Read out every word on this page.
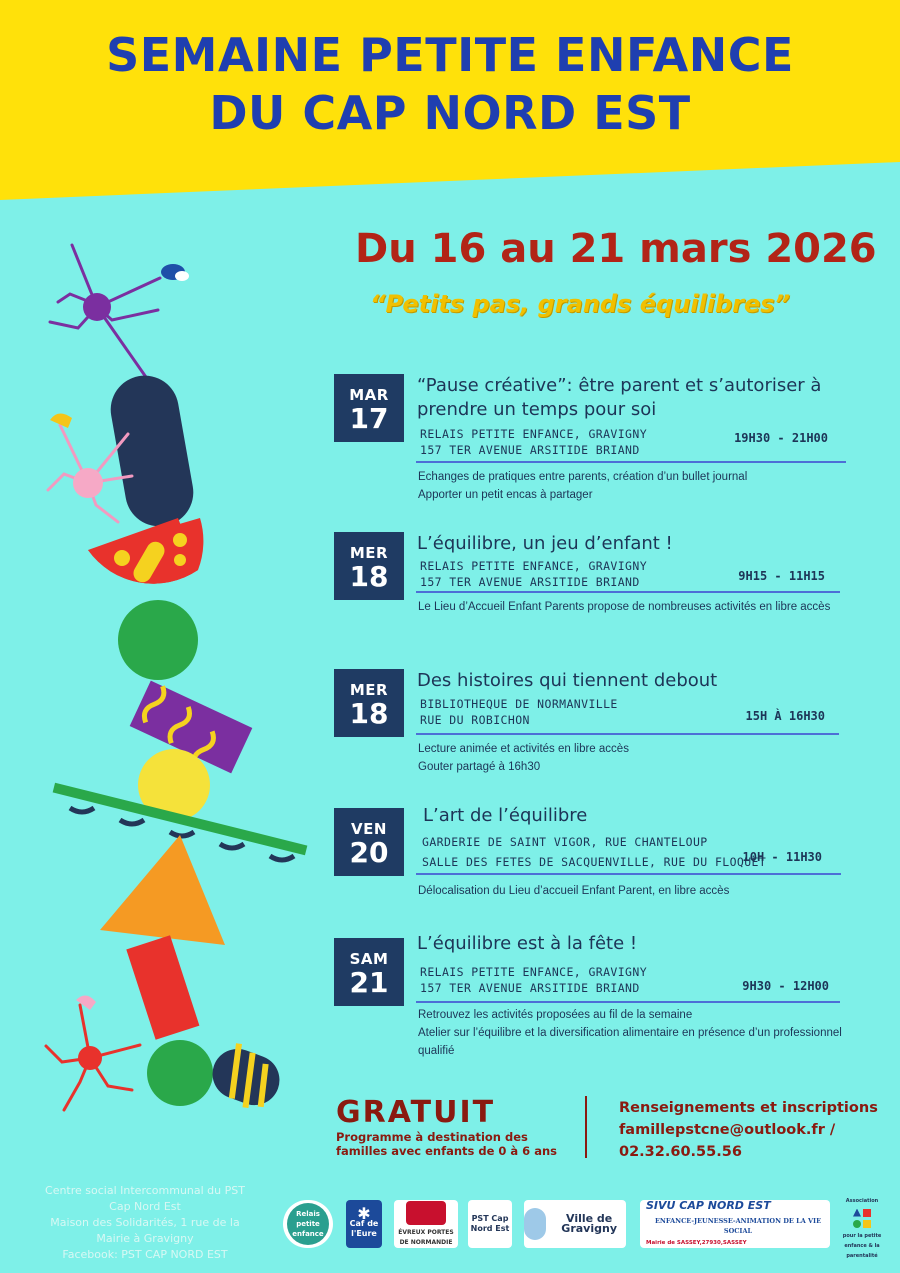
SEMAINE PETITE ENFANCE
DU CAP NORD EST
Du 16 au 21 mars 2026
“Petits pas, grands équilibres”
MAR
17
“Pause créative”: être parent et s’autoriser à
prendre un temps pour soi
RELAIS PETITE ENFANCE, GRAVIGNY
157 TER AVENUE ARSITIDE BRIAND
19H30 - 21H00
Echanges de pratiques entre parents, création d’un bullet journal
Apporter un petit encas à partager
MER
18
L’équilibre, un jeu d’enfant !
RELAIS PETITE ENFANCE, GRAVIGNY
157 TER AVENUE ARSITIDE BRIAND	9H15 - 11H15
Le Lieu d’Accueil Enfant Parents propose de nombreuses activités en libre accès
MER
18
Des histoires qui tiennent debout
BIBLIOTHEQUE DE NORMANVILLE
RUE DU ROBICHON	15H À 16H30
Lecture animée et activités en libre accès
Gouter partagé à 16h30
VEN
20
L’art de l’équilibre
GARDERIE DE SAINT VIGOR, RUE CHANTELOUP
SALLE DES FETES DE SACQUENVILLE, RUE DU FLOQUET
10H - 11H30
Délocalisation du Lieu d’accueil Enfant Parent, en libre accès
SAM
21
L’équilibre est à la fête !
RELAIS PETITE ENFANCE, GRAVIGNY
157 TER AVENUE ARSITIDE BRIAND	9H30 - 12H00
Retrouvez les activités proposées au fil de la semaine
Atelier sur l’équilibre et la diversification alimentaire en présence d’un professionnel
qualifié
GRATUIT
Programme à destination des familles avec enfants de 0 à 6 ans
Renseignements et inscriptions
famillepstcne@outlook.fr /
02.32.60.55.56
Centre social Intercommunal du PST
Cap Nord Est
Maison des Solidarités, 1 rue de la
Mairie à Gravigny
Facebook: PST CAP NORD EST
Relais petite enfance
✱
Caf de l'Eure	ÉVREUX PORTES DE NORMANDIE
PST Cap Nord Est
Ville de Gravigny
SIVU CAP NORD EST
ENFANCE-JEUNESSE-ANIMATION DE LA VIE SOCIAL
Mairie de SASSEY,27930,SASSEY
Association
pour la petite enfance & la parentalité
